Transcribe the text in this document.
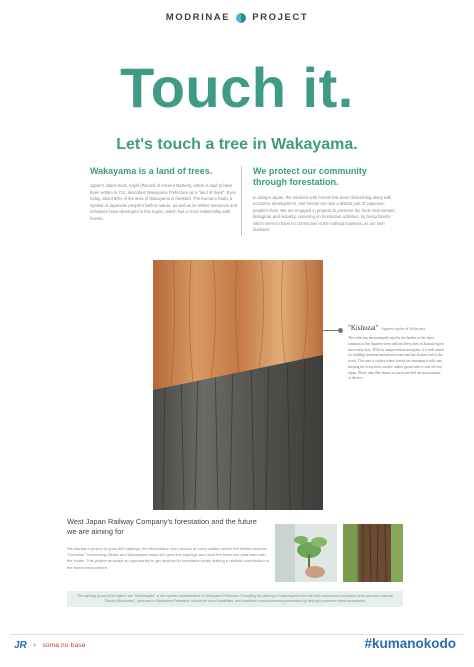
MODRINAE PROJECT
Touch it.
Let's touch a tree in Wakayama.
Wakayama is a land of trees.
Japan's oldest book, Kojiki (Record of Ancient Matters), which is said to have been written in 712, describes Wakayama Prefecture as a "land of trees". Even today, about 80% of the area of Wakayama is forested. The Kumano Kodo, a symbol of Japanese people's faith in nature, as well as its timber resources and industries have developed in this region, which has a close relationship with forests.
We protect our community through forestation.
In today's Japan, the relations with forests has been diminishing along with economic development, and forests are now a distant part of Japanese people's lives. We are engaged in projects to preserve the local environment, biological, and industry, centering on forestation activities, by being forests which seem to have no connection to the railroad business, as our own business.
"Kishuzai" Japanese timber in Wakayama
The cedar has been uniquely used in the lumber as the most common of the Japanese trees and has been often in Kansai region since early days. With its unique texture and grain, it is well suited for building furniture and interior ware and has distinct feel to the touch. This area is a place where forests are maintained with care, keeping the ecosystem, and the timber grown here is sent all over Japan. Please take this chance to touch and feel the preciousness of the tree.
West Japan Railway Company's forestation and the future we are aiming for
We started a project to grow 400 saplings for reforestation from acorns at every station where the limited express "Kuroshio" connecting Osaka and Wakayama stops.We grew the saplings and plant the trees one year later with the locals. This project provided an opportunity to get involved in forestation while making a realistic contribution to the forest environment.

The saplings grown at the station are "Ubamegashi", a tree species representative of Wakayama Prefecture. Promoting the planting of Ubamegashi trees will help continue the production of the precious charcoal "Bincho (Binchotan)", produced in Wakayama Prefecture, reduce the risk of landslides, and contribute to environmental preservation by helping to preserve forest ecosystems.

JR × soma no base	#kumanokodo
